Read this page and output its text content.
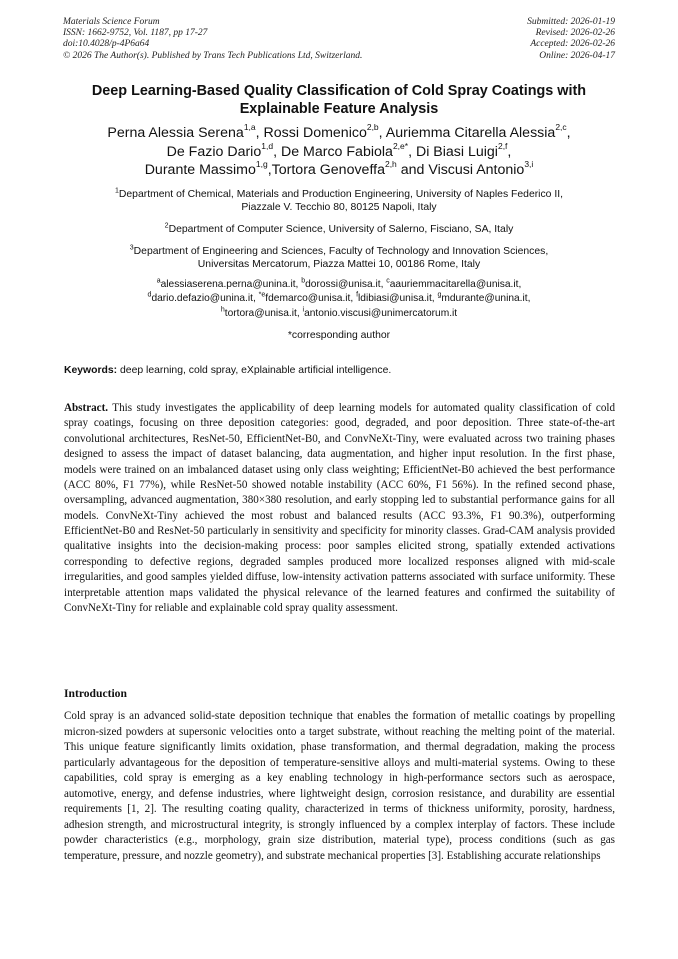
Materials Science Forum
ISSN: 1662-9752, Vol. 1187, pp 17-27
doi:10.4028/p-4P6a64
© 2026 The Author(s). Published by Trans Tech Publications Ltd, Switzerland.
Submitted: 2026-01-19
Revised: 2026-02-26
Accepted: 2026-02-26
Online: 2026-04-17
Deep Learning-Based Quality Classification of Cold Spray Coatings with
Explainable Feature Analysis
Perna Alessia Serena$^{1,a}$, Rossi Domenico$^{2,b}$, Auriemma Citarella Alessia$^{2,c}$,
De Fazio Dario$^{1,d}$, De Marco Fabiola$^{2,e*}$, Di Biasi Luigi$^{2,f}$,
Durante Massimo$^{1,g}$,Tortora Genoveffa$^{2,h}$ and Viscusi Antonio$^{3,i}$
$^1$Department of Chemical, Materials and Production Engineering, University of Naples Federico II,
Piazzale V. Tecchio 80, 80125 Napoli, Italy
$^2$Department of Computer Science, University of Salerno, Fisciano, SA, Italy
$^3$Department of Engineering and Sciences, Faculty of Technology and Innovation Sciences,
Universitas Mercatorum, Piazza Mattei 10, 00186 Rome, Italy
$^a$alessiaserena.perna@unina.it, $^b$dorossi@unisa.it, $^c$aauriemmacitarella@unisa.it,
$^d$dario.defazio@unina.it, $^{*e}$fdemarco@unisa.it, $^f$ldibiasi@unisa.it, $^g$mdurante@unina.it,
$^h$tortora@unisa.it, $^i$antonio.viscusi@unimercatorum.it
*corresponding author
Keywords: deep learning, cold spray, eXplainable artificial intelligence.
Abstract. This study investigates the applicability of deep learning models for automated quality classification of cold spray coatings, focusing on three deposition categories: good, degraded, and poor deposition. Three state-of-the-art convolutional architectures, ResNet-50, EfficientNet-B0, and ConvNeXt-Tiny, were evaluated across two training phases designed to assess the impact of dataset balancing, data augmentation, and higher input resolution. In the first phase, models were trained on an imbalanced dataset using only class weighting; EfficientNet-B0 achieved the best performance (ACC 80%, F1 77%), while ResNet-50 showed notable instability (ACC 60%, F1 56%). In the refined second phase, oversampling, advanced augmentation, 380×380 resolution, and early stopping led to substantial performance gains for all models. ConvNeXt-Tiny achieved the most robust and balanced results (ACC 93.3%, F1 90.3%), outperforming EfficientNet-B0 and ResNet-50 particularly in sensitivity and specificity for minority classes. Grad-CAM analysis provided qualitative insights into the decision-making process: poor samples elicited strong, spatially extended activations corresponding to defective regions, degraded samples produced more localized responses aligned with mid-scale irregularities, and good samples yielded diffuse, low-intensity activation patterns associated with surface uniformity. These interpretable attention maps validated the physical relevance of the learned features and confirmed the suitability of ConvNeXt-Tiny for reliable and explainable cold spray quality assessment.
Introduction
Cold spray is an advanced solid-state deposition technique that enables the formation of metallic coatings by propelling micron-sized powders at supersonic velocities onto a target substrate, without reaching the melting point of the material. This unique feature significantly limits oxidation, phase transformation, and thermal degradation, making the process particularly advantageous for the deposition of temperature-sensitive alloys and multi-material systems. Owing to these capabilities, cold spray is emerging as a key enabling technology in high-performance sectors such as aerospace, automotive, energy, and defense industries, where lightweight design, corrosion resistance, and durability are essential requirements [1, 2]. The resulting coating quality, characterized in terms of thickness uniformity, porosity, hardness, adhesion strength, and microstructural integrity, is strongly influenced by a complex interplay of factors. These include powder characteristics (e.g., morphology, grain size distribution, material type), process conditions (such as gas temperature, pressure, and nozzle geometry), and substrate mechanical properties [3]. Establishing accurate relationships
